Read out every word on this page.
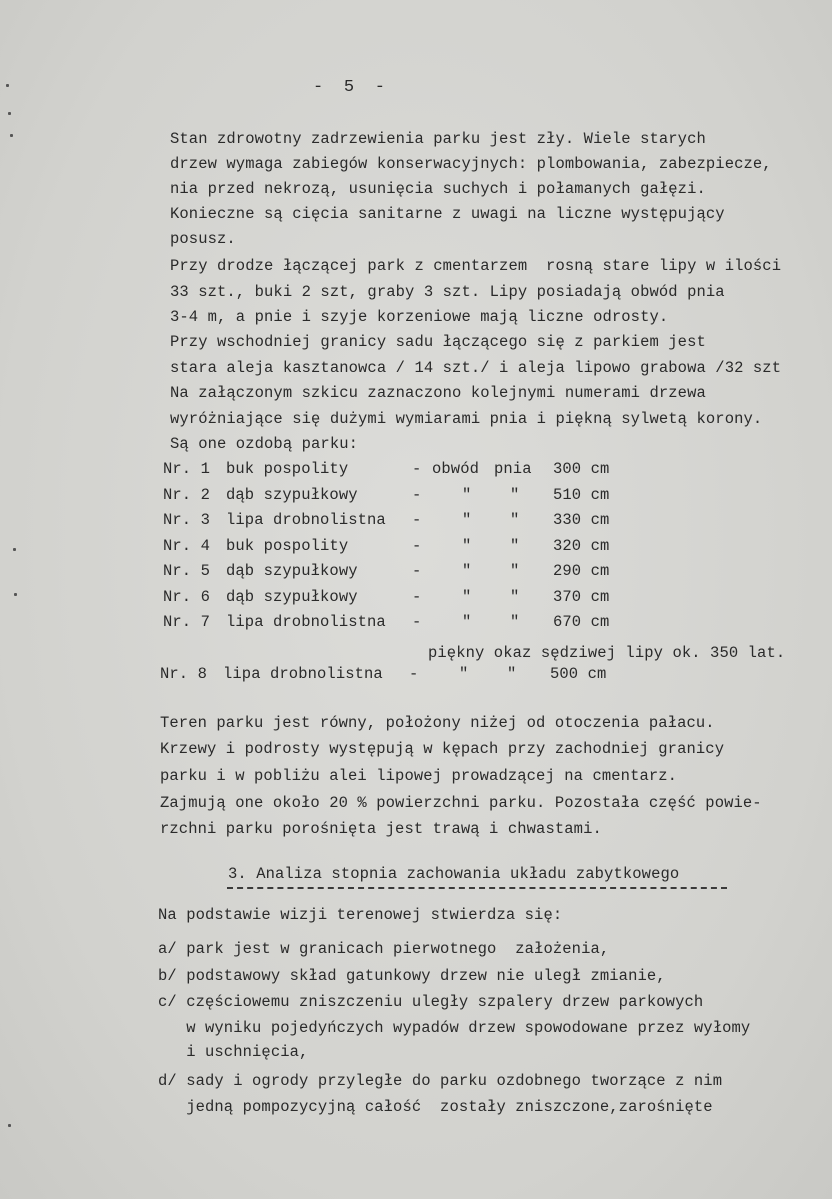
-  5  -
Stan zdrowotny zadrzewienia parku jest zły. Wiele starych
drzew wymaga zabiegów konserwacyjnych: plombowania, zabezpiecze,
nia przed nekrozą, usunięcia suchych i połamanych gałęzi.
Konieczne są cięcia sanitarne z uwagi na liczne występujący
posusz.
Przy drodze łączącej park z cmentarzem  rosną stare lipy w ilości
33 szt., buki 2 szt, graby 3 szt. Lipy posiadają obwód pnia
3-4 m, a pnie i szyje korzeniowe mają liczne odrosty.
Przy wschodniej granicy sadu łączącego się z parkiem jest
stara aleja kasztanowca / 14 szt./ i aleja lipowo grabowa /32 szt
Na załączonym szkicu zaznaczono kolejnymi numerami drzewa
wyróżniające się dużymi wymiarami pnia i piękną sylwetą korony.
Są one ozdobą parku:
Nr. 1 buk pospolity	- obwód pnia 300 cm
Nr. 2 dąb szypułkowy	-	" " 510 cm
Nr. 3 lipa drobnolistna -	" " 330 cm
Nr. 4 buk pospolity	-	" " 320 cm
Nr. 5 dąb szypułkowy	-	" " 290 cm
Nr. 6 dąb szypułkowy	-	" " 370 cm
Nr. 7 lipa drobnolistna -	" " 670 cm
piękny okaz sędziwej lipy ok. 350 lat.
Nr. 8 lipa drobnolistna -	" " 500 cm
Teren parku jest równy, położony niżej od otoczenia pałacu.
Krzewy i podrosty występują w kępach przy zachodniej granicy
parku i w pobliżu alei lipowej prowadzącej na cmentarz.
Zajmują one około 20 % powierzchni parku. Pozostała część powie-
rzchni parku porośnięta jest trawą i chwastami.
3. Analiza stopnia zachowania układu zabytkowego
Na podstawie wizji terenowej stwierdza się:
a/ park jest w granicach pierwotnego  założenia,
b/ podstawowy skład gatunkowy drzew nie uległ zmianie,
c/ częściowemu zniszczeniu uległy szpalery drzew parkowych
w wyniku pojedyńczych wypadów drzew spowodowane przez wyłomy
i uschnięcia,
d/ sady i ogrody przyległe do parku ozdobnego tworzące z nim
jedną pompozycyjną całość  zostały zniszczone,zarośnięte
